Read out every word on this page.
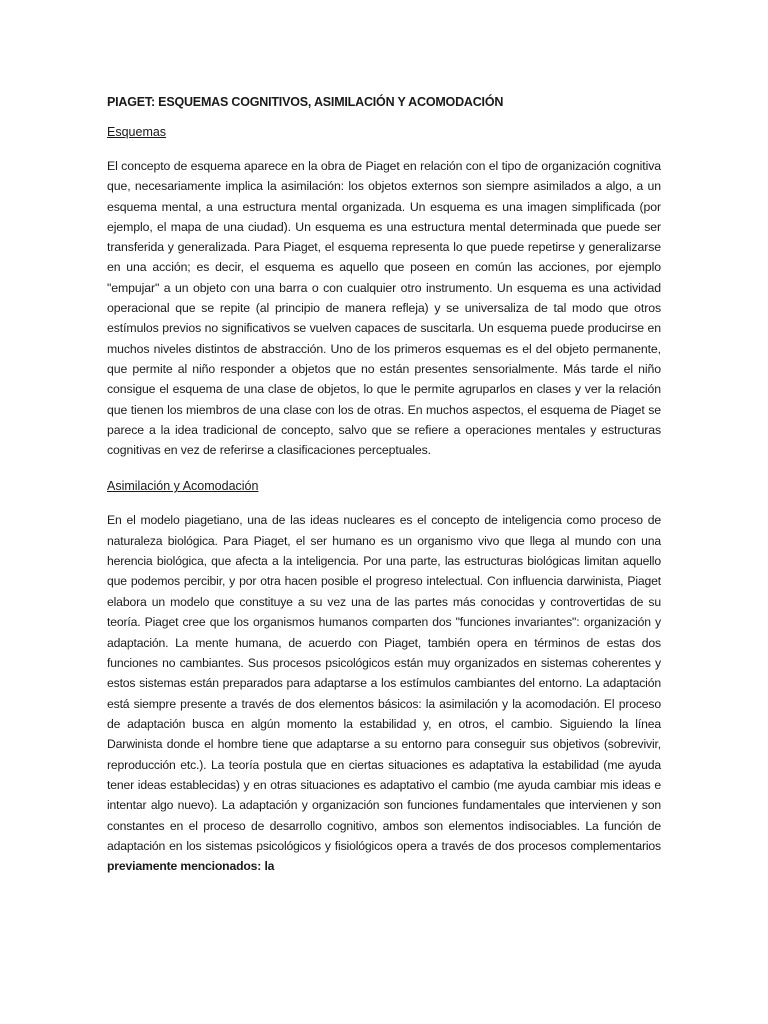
PIAGET: ESQUEMAS COGNITIVOS, ASIMILACIÓN Y ACOMODACIÓN
Esquemas
El concepto de esquema aparece en la obra de Piaget en relación con el tipo de organización cognitiva que, necesariamente implica la asimilación: los objetos externos son siempre asimilados a algo, a un esquema mental, a una estructura mental organizada. Un esquema es una imagen simplificada (por ejemplo, el mapa de una ciudad). Un esquema es una estructura mental determinada que puede ser transferida y generalizada. Para Piaget, el esquema representa lo que puede repetirse y generalizarse en una acción; es decir, el esquema es aquello que poseen en común las acciones, por ejemplo "empujar" a un objeto con una barra o con cualquier otro instrumento. Un esquema es una actividad operacional que se repite (al principio de manera refleja) y se universaliza de tal modo que otros estímulos previos no significativos se vuelven capaces de suscitarla. Un esquema puede producirse en muchos niveles distintos de abstracción. Uno de los primeros esquemas es el del objeto permanente, que permite al niño responder a objetos que no están presentes sensorialmente. Más tarde el niño consigue el esquema de una clase de objetos, lo que le permite agruparlos en clases y ver la relación que tienen los miembros de una clase con los de otras. En muchos aspectos, el esquema de Piaget se parece a la idea tradicional de concepto, salvo que se refiere a operaciones mentales y estructuras cognitivas en vez de referirse a clasificaciones perceptuales.
Asimilación y Acomodación
En el modelo piagetiano, una de las ideas nucleares es el concepto de inteligencia como proceso de naturaleza biológica. Para Piaget, el ser humano es un organismo vivo que llega al mundo con una herencia biológica, que afecta a la inteligencia. Por una parte, las estructuras biológicas limitan aquello que podemos percibir, y por otra hacen posible el progreso intelectual. Con influencia darwinista, Piaget elabora un modelo que constituye a su vez una de las partes más conocidas y controvertidas de su teoría. Piaget cree que los organismos humanos comparten dos "funciones invariantes": organización y adaptación. La mente humana, de acuerdo con Piaget, también opera en términos de estas dos funciones no cambiantes. Sus procesos psicológicos están muy organizados en sistemas coherentes y estos sistemas están preparados para adaptarse a los estímulos cambiantes del entorno. La adaptación está siempre presente a través de dos elementos básicos: la asimilación y la acomodación. El proceso de adaptación busca en algún momento la estabilidad y, en otros, el cambio. Siguiendo la línea Darwinista donde el hombre tiene que adaptarse a su entorno para conseguir sus objetivos (sobrevivir, reproducción etc.). La teoría postula que en ciertas situaciones es adaptativa la estabilidad (me ayuda tener ideas establecidas) y en otras situaciones es adaptativo el cambio (me ayuda cambiar mis ideas e intentar algo nuevo). La adaptación y organización son funciones fundamentales que intervienen y son constantes en el proceso de desarrollo cognitivo, ambos son elementos indisociables. La función de adaptación en los sistemas psicológicos y fisiológicos opera a través de dos procesos complementarios previamente mencionados: la
